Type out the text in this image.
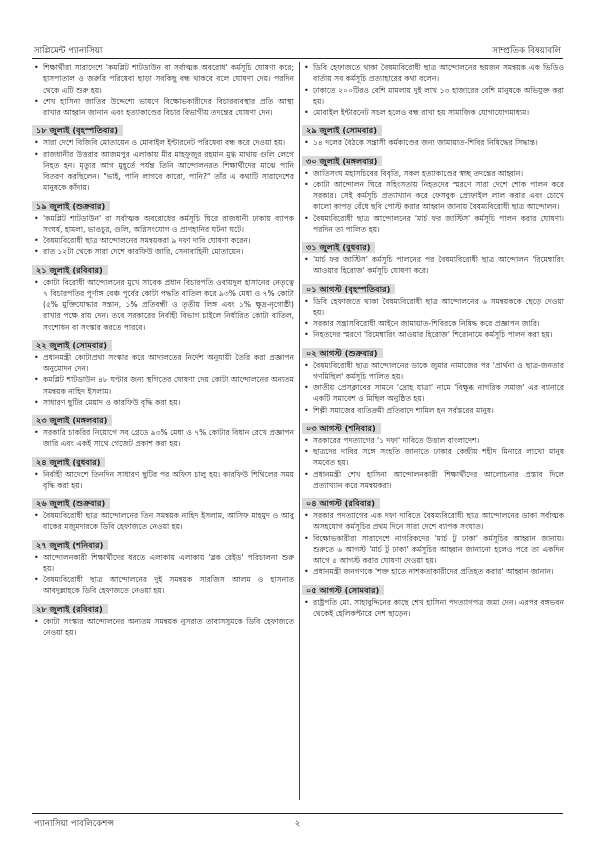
সাপ্লিমেন্ট প্যানাসিয়া	সাম্প্রতিক বিষয়াবলি
• শিক্ষার্থীরা সারাদেশে 'কমপ্লিট শাটডাউন বা সর্বাত্মক অবরোধ' কর্মসূচি ঘোষণা করে; হাসপাতাল ও জরুরি পরিষেবা ছাড়া সবকিছু বন্ধ থাকবে বলে ঘোষণা দেয়। পরদিন থেকে এটি শুরু হয়।
• শেখ হাসিনা জাতির উদ্দেশ্যে ভাষণে বিক্ষোভকারীদের বিচারব্যবস্থার প্রতি আস্থা রাখার আহ্বান জানান এবং হত্যাকাণ্ডের বিচার বিভাগীয় তদন্তের ঘোষণা দেন।
১৮ জুলাই (বৃহস্পতিবার)
• সারা দেশে বিজিবি মোতায়েন ও মোবাইল ইন্টারনেট পরিষেবা বন্ধ করে দেওয়া হয়।
• রাজধানীর উত্তরার আজমপুর এলাকায় মীর মাহফুজুর রহমান মুগ্ধ মাথায় গুলি লেগে নিহত হন। মৃত্যুর আগ মুহূর্তে পর্যন্ত তিনি আন্দোলনরত শিক্ষার্থীদের মাঝে পানি বিতরণ করছিলেন। "ভাই, পানি লাগবে কারো, পানি?" তাঁর এ কথাটি সারাদেশের মানুষকে কাঁদায়।
১৯ জুলাই (শুক্রবার)
• 'কমপ্লিট শাটডাউন' বা সর্বাত্মক অবরোধের কর্মসূচি ঘিরে রাজধানী ঢাকায় ব্যাপক সংঘর্ষ, হামলা, ভাঙচুর, গুলি, অগ্নিসংযোগ ও প্রাণহানির ঘটনা ঘটে।
• বৈষম্যবিরোধী ছাত্র আন্দোলনের সমন্বয়করা ৯ দফা দাবি ঘোষণা করেন।
• রাত ১২টা থেকে সারা দেশে কারফিউ জারি, সেনাবাহিনী মোতায়েন।
২১ জুলাই (রবিবার)
• কোটা বিরোধী আন্দোলনের মুখে সাবেক প্রধান বিচারপতি ওবায়দুল হাসানের নেতৃত্বে ৭ বিচারপতির পূর্ণাঙ্গ বেঞ্চ পূর্বের কোটা পদ্ধতি বাতিল করে ৯৩% মেধা ও ৭% কোটা (৫% মুক্তিযোদ্ধার সন্তান, ১% প্রতিবন্ধী ও তৃতীয় লিঙ্গ এবং ১% ক্ষুদ্র-নৃগোষ্ঠী) রাখার পক্ষে রায় দেন। তবে সরকারের নির্বাহী বিভাগ চাইলে নির্ধারিত কোটা বাতিল, সংশোধন বা সংস্কার করতে পারবে।
২২ জুলাই (সোমবার)
• প্রধানমন্ত্রী কোটাপ্রথা সংস্কার করে আদালতের নির্দেশ অনুযায়ী তৈরি করা প্রজ্ঞাপন অনুমোদন দেন।
• কমপ্লিট শাটডাউন ৪৮ ঘণ্টার জন্য স্থগিতের ঘোষণা দেয় কোটা আন্দোলনের অন্যতম সমন্বয়ক নাহিদ ইসলাম।
• সাধারণ ছুটির মেয়াদ ও কারফিউ বৃদ্ধি করা হয়।
২৩ জুলাই (মঙ্গলবার)
• সরকারি চাকরির নিয়োগে সব গ্রেডে ৯৩% মেধা ও ৭% কোটার বিধান রেখে প্রজ্ঞাপন জারি এবং একই সাথে গেজেট প্রকাশ করা হয়।
২৪ জুলাই (বুধবার)
• নির্বাহী আদেশে তিনদিন সাধারণ ছুটির পর অফিস চালু হয়। কারফিউ শিথিলের সময় বৃদ্ধি করা হয়।
২৬ জুলাই (শুক্রবার)
• বৈষম্যবিরোধী ছাত্র আন্দোলনের তিন সমন্বয়ক নাহিদ ইসলাম, আসিফ মাহমুদ ও আবু বাকের মজুমদারকে ডিবি হেফাজতে নেওয়া হয়।
২৭ জুলাই (শনিবার)
• আন্দোলনকারী শিক্ষার্থীদের ধরতে এলাকায় এলাকায় 'ব্লক রেইড' পরিচালনা শুরু হয়।
• বৈষম্যবিরোধী ছাত্র আন্দোলনের দুই সমন্বয়ক সারজিস আলম ও হাসনাত আবদুল্লাহকে ডিবি হেফাজতে নেওয়া হয়।
২৮ জুলাই (রবিবার)
• কোটা সংস্কার আন্দোলনের অন্যতম সমন্বয়ক নুসরাত তাবাসসুমকে ডিবি হেফাজতে নেওয়া হয়।
• ডিবি হেফাজতে থাকা বৈষম্যবিরোধী ছাত্র আন্দোলনের ছয়জন সমন্বয়ক এক ভিডিও বার্তায় সব কর্মসূচি প্রত্যাহারের কথা বলেন।
• ঢাকাতে ২০০টিরও বেশি মামলায় দুই লাখ ১৩ হাজারের বেশি মানুষকে অভিযুক্ত করা হয়।
• মোবাইল ইন্টারনেট সচল হলেও বন্ধ রাখা হয় সামাজিক যোগাযোগমাধ্যম।
২৯ জুলাই (সোমবার)
• ১৪ দলের বৈঠকে সন্ত্রাসী কর্মকাণ্ডের জন্য জামায়াত-শিবির নিষিদ্ধের সিদ্ধান্ত।
৩০ জুলাই (মঙ্গলবার)
• জাতিসংঘ মহাসচিবের বিবৃতি, সকল হত্যাকাণ্ডের স্বচ্ছ তদন্তের আহ্বান।
• কোটা আন্দোলন ঘিরে সহিংসতায় নিহতদের স্মরণে সারা দেশে শোক পালন করে সরকার। সেই কর্মসূচি প্রত্যাখ্যান করে ফেসবুক প্রোফাইল লাল করার এবং চোখে কালো কাপড় বেঁধে ছবি পোস্ট করার আহ্বান জানায় বৈষম্যবিরোধী ছাত্র আন্দোলন।
• বৈষম্যবিরোধী ছাত্র আন্দোলনের 'মার্চ ফর জাস্টিস' কর্মসূচি পালন করার ঘোষণা। পরদিন তা পালিত হয়।
৩১ জুলাই (বুধবার)
• 'মার্চ ফর জাস্টিস' কর্মসূচি পালনের পর বৈষম্যবিরোধী ছাত্র আন্দোলন 'রিমেম্বারিং আওয়ার হিরোজ' কর্মসূচি ঘোষণা করে।
০১ আগস্ট (বৃহস্পতিবার)
• ডিবি হেফাজতে থাকা বৈষম্যবিরোধী ছাত্র আন্দোলনের ৬ সমন্বয়ককে ছেড়ে দেওয়া হয়।
• সরকার সন্ত্রাসবিরোধী আইনে জামায়াত-শিবিরকে নিষিদ্ধ করে প্রজ্ঞাপন জারি।
• নিহতদের স্মরণে 'রিমেম্বারিং আওয়ার হিরোজ' শিরোনামে কর্মসূচি পালন করা হয়।
০২ আগস্ট (শুক্রবার)
• বৈষম্যবিরোধী ছাত্র আন্দোলনের ডাকে জুমার নামাজের পর 'প্রার্থনা ও ছাত্র-জনতার গণমিছিল' কর্মসূচি পালিত হয়।
• জাতীয় প্রেসক্লাবের সামনে 'দ্রোহ যাত্রা' নামে 'বিক্ষুব্ধ নাগরিক সমাজ' এর ব্যানারে একটি সমাবেশ ও মিছিল অনুষ্ঠিত হয়।
• শিল্পী সমাজের ব্যতিক্রমী প্রতিবাদে শামিল হন সর্বস্তরের মানুষ।
০৩ আগস্ট (শনিবার)
• সরকারের পদত্যাগের '১ দফা' দাবিতে উত্তাল বাংলাদেশ।
• ছাত্রদের দাবির সঙ্গে সংহতি জানাতে ঢাকার কেন্দ্রীয় শহীদ মিনারে লাখো মানুষ সমবেত হয়।
• প্রধানমন্ত্রী শেখ হাসিনা আন্দোলনকারী শিক্ষার্থীদের আলোচনার প্রস্তাব দিলে প্রত্যাখ্যান করে সমন্বয়করা।
০৪ আগস্ট (রবিবার)
• সরকার পদত্যাগের এক দফা দাবিতে বৈষম্যবিরোধী ছাত্র আন্দোলনের ডাকা সর্বাত্মক অসহযোগ কর্মসূচির প্রথম দিনে সারা দেশে ব্যাপক সংঘাত।
• বিক্ষোভকারীরা সারাদেশে নাগরিকদের 'মার্চ টু ঢাকা' কর্মসূচির আহ্বান জানায়। শুরুতে ৬ আগস্ট 'মার্চ টু ঢাকা' কর্মসূচির আহ্বান জানানো হলেও পরে তা একদিন আগে ৫ আগস্ট করার ঘোষণা দেওয়া হয়।
• প্রধানমন্ত্রী জনগণকে 'শক্ত হাতে নাশকতাকারীদের প্রতিহত করার' আহ্বান জানান।
০৫ আগস্ট (সোমবার)
• রাষ্ট্রপতি মো. সাহাবুদ্দিনের কাছে শেখ হাসিনা পদত্যাগপত্র জমা দেন। এরপর বঙ্গভবন থেকেই হেলিকপ্টারে দেশ ছাড়েন।
প্যানাসিয়া পাবলিকেশন্স	২
